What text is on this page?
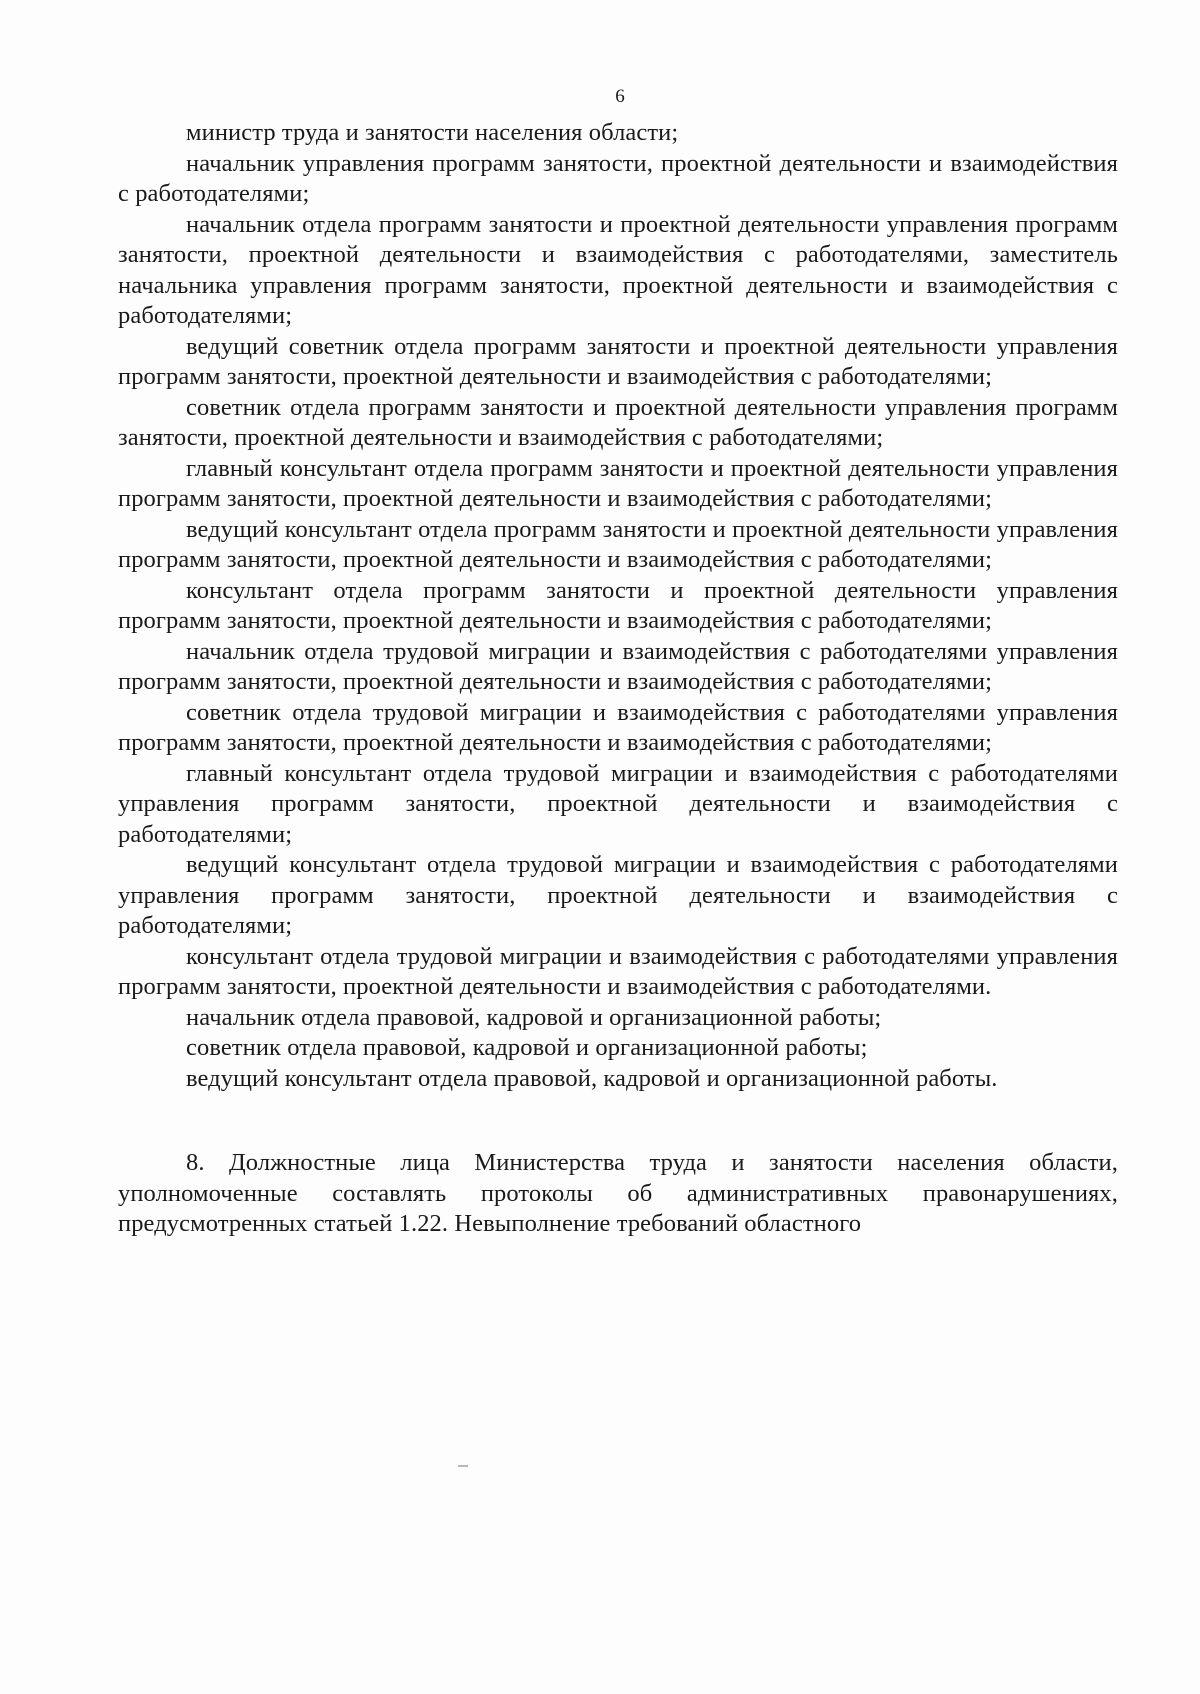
6

министр труда и занятости населения области;

начальник управления программ занятости, проектной деятельности и взаимодействия с работодателями;

начальник отдела программ занятости и проектной деятельности управления программ занятости, проектной деятельности и взаимодействия с работодателями, заместитель начальника управления программ занятости, проектной деятельности и взаимодействия с работодателями;

ведущий советник отдела программ занятости и проектной деятельности управления программ занятости, проектной деятельности и взаимодействия с работодателями;

советник отдела программ занятости и проектной деятельности управления программ занятости, проектной деятельности и взаимодействия с работодателями;

главный консультант отдела программ занятости и проектной деятельности управления программ занятости, проектной деятельности и взаимодействия с работодателями;

ведущий консультант отдела программ занятости и проектной деятельности управления программ занятости, проектной деятельности и взаимодействия с работодателями;

консультант отдела программ занятости и проектной деятельности управления программ занятости, проектной деятельности и взаимодействия с работодателями;

начальник отдела трудовой миграции и взаимодействия с работодателями управления программ занятости, проектной деятельности и взаимодействия с работодателями;

советник отдела трудовой миграции и взаимодействия с работодателями управления программ занятости, проектной деятельности и взаимодействия с работодателями;

главный консультант отдела трудовой миграции и взаимодействия с работодателями управления программ занятости, проектной деятельности и взаимодействия с работодателями;

ведущий консультант отдела трудовой миграции и взаимодействия с работодателями управления программ занятости, проектной деятельности и взаимодействия с работодателями;

консультант отдела трудовой миграции и взаимодействия с работодателями управления программ занятости, проектной деятельности и взаимодействия с работодателями.

начальник отдела правовой, кадровой и организационной работы;

советник отдела правовой, кадровой и организационной работы;

ведущий консультант отдела правовой, кадровой и организационной работы.

8. Должностные лица Министерства труда и занятости населения области, уполномоченные составлять протоколы об административных правонарушениях, предусмотренных статьей 1.22. Невыполнение требований областного
